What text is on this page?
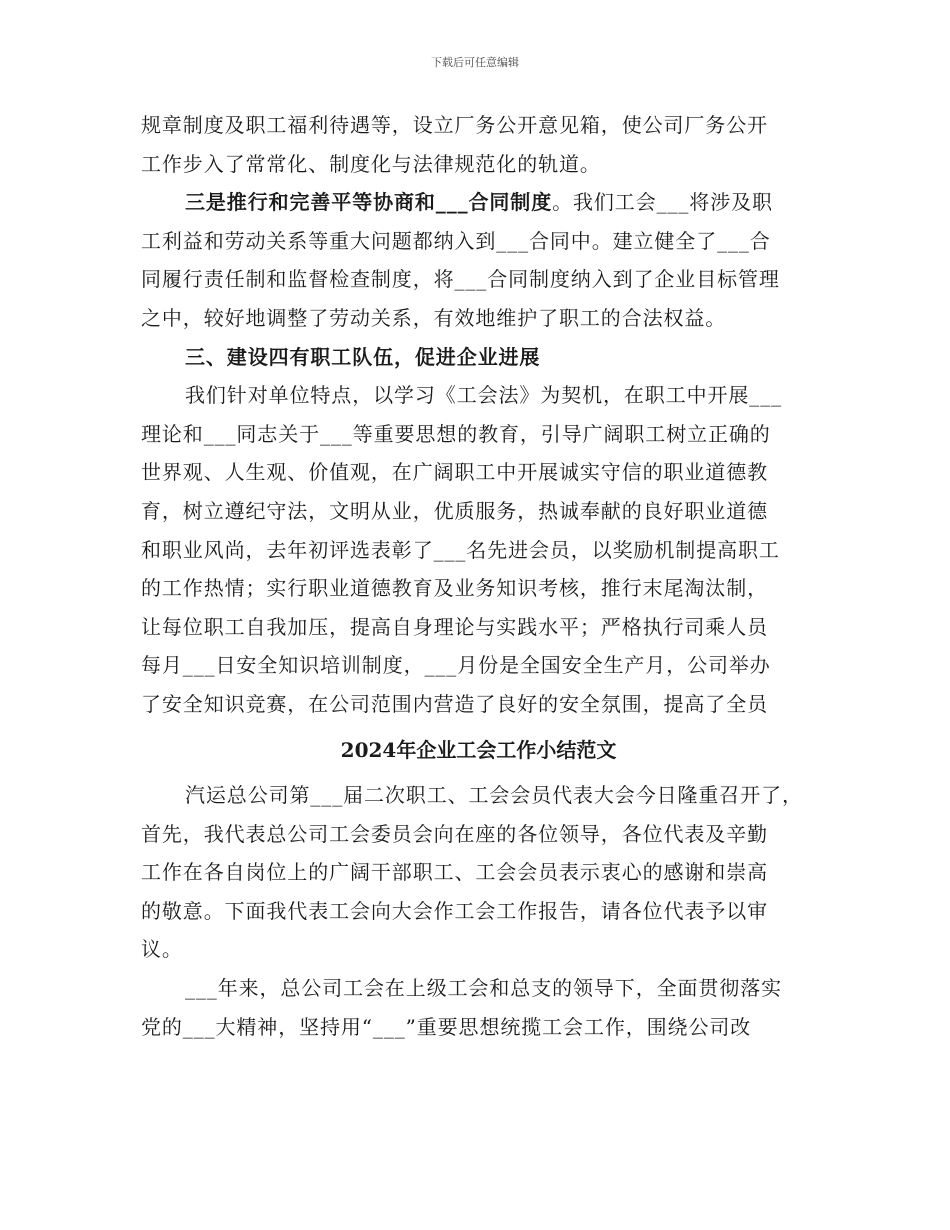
下载后可任意编辑

规章制度及职工福利待遇等，设立厂务公开意见箱，使公司厂务公开
工作步入了常常化、制度化与法律规范化的轨道。

三是推行和完善平等协商和___合同制度。我们工会___将涉及职
工利益和劳动关系等重大问题都纳入到___合同中。建立健全了___合
同履行责任制和监督检查制度，将___合同制度纳入到了企业目标管理
之中，较好地调整了劳动关系，有效地维护了职工的合法权益。

三、建设四有职工队伍，促进企业进展

我们针对单位特点，以学习《工会法》为契机，在职工中开展___
理论和___同志关于___等重要思想的教育，引导广阔职工树立正确的
世界观、人生观、价值观，在广阔职工中开展诚实守信的职业道德教
育，树立遵纪守法，文明从业，优质服务，热诚奉献的良好职业道德
和职业风尚，去年初评选表彰了___名先进会员，以奖励机制提高职工
的工作热情；实行职业道德教育及业务知识考核，推行末尾淘汰制，
让每位职工自我加压，提高自身理论与实践水平；严格执行司乘人员
每月___日安全知识培训制度，___月份是全国安全生产月，公司举办
了安全知识竞赛，在公司范围内营造了良好的安全氛围，提高了全员

2024年企业工会工作小结范文

汽运总公司第___届二次职工、工会会员代表大会今日隆重召开了，
首先，我代表总公司工会委员会向在座的各位领导，各位代表及辛勤
工作在各自岗位上的广阔干部职工、工会会员表示衷心的感谢和崇高
的敬意。下面我代表工会向大会作工会工作报告，请各位代表予以审
议。

___年来，总公司工会在上级工会和总支的领导下，全面贯彻落实
党的___大精神，坚持用“___”重要思想统揽工会工作，围绕公司改
